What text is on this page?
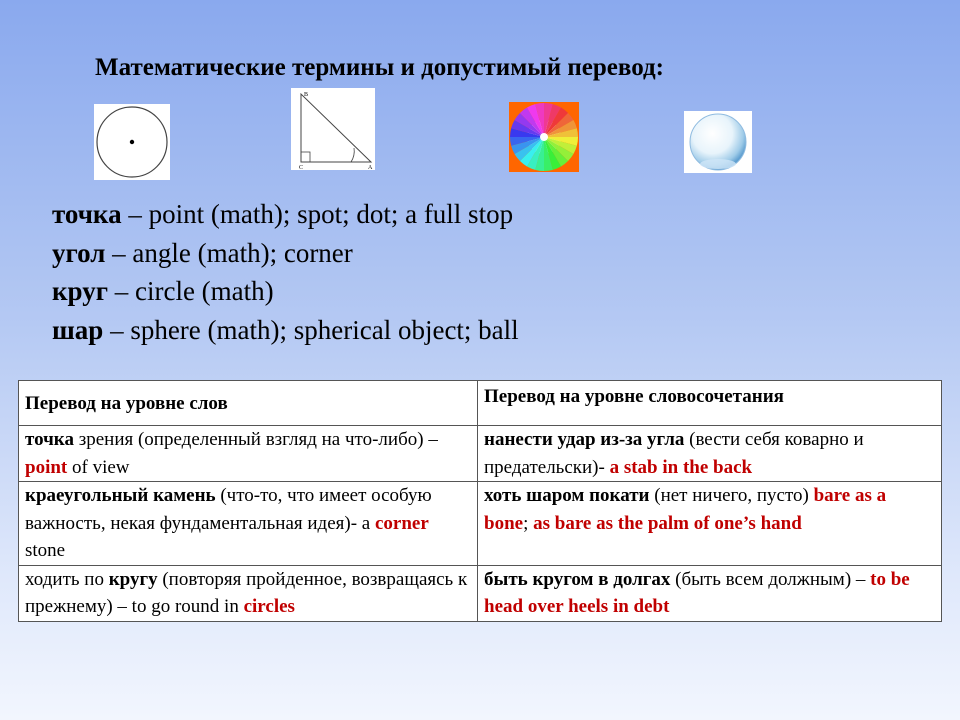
Математические термины и допустимый перевод:
B
C	A
точка – point (math); spot; dot; a full stop
угол – angle (math); corner
круг – circle (math)
шар – sphere (math); spherical object; ball
Перевод на уровне слов	Перевод на уровне словосочетания

точка зрения (определенный взгляд на что-либо) – point of view	нанести удар из-за угла (вести себя коварно и предательски)- a stab in the back
краеугольный камень (что-то, что имеет особую важность, некая фундаментальная идея)- a corner stone	хоть шаром покати (нет ничего, пусто) bare as a bone; as bare as the palm of one’s hand
ходить по кругу (повторяя пройденное, возвращаясь к прежнему) – to go round in circles	быть кругом в долгах (быть всем должным) – to be head over heels in debt
